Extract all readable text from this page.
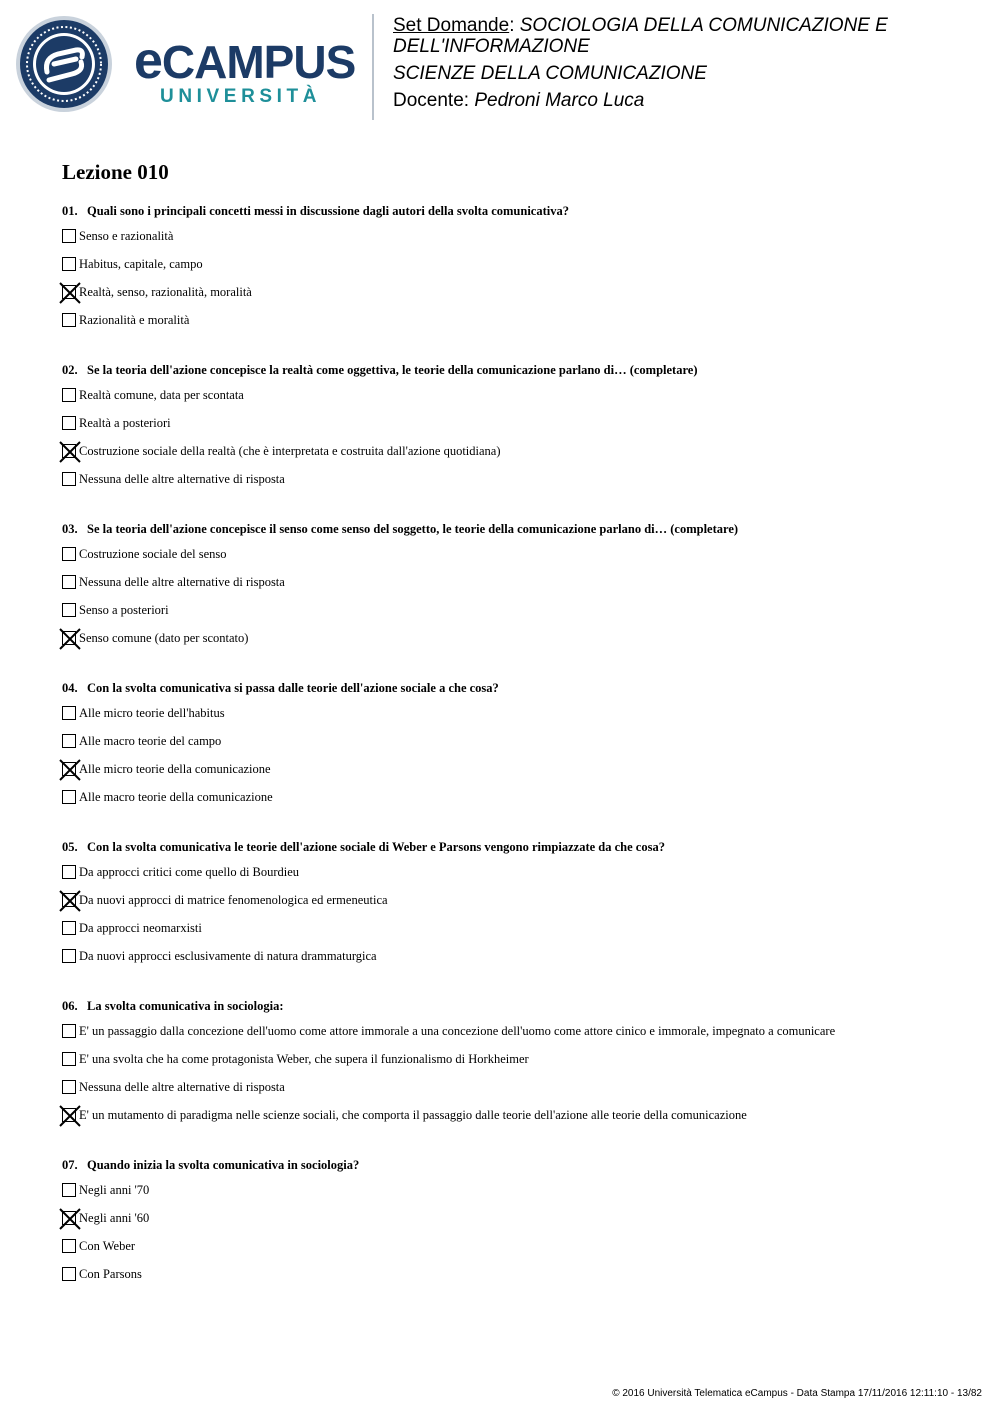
eCAMPUS
UNIVERSITÀ

Set Domande: SOCIOLOGIA DELLA COMUNICAZIONE E

DELL'INFORMAZIONE

SCIENZE DELLA COMUNICAZIONE

Docente: Pedroni Marco Luca

Lezione 010

01. Quali sono i principali concetti messi in discussione dagli autori della svolta comunicativa?

Senso e razionalità
Habitus, capitale, campo
Realtà, senso, razionalità, moralità
Razionalità e moralità

02. Se la teoria dell'azione concepisce la realtà come oggettiva, le teorie della comunicazione parlano di… (completare)

Realtà comune, data per scontata
Realtà a posteriori
Costruzione sociale della realtà (che è interpretata e costruita dall'azione quotidiana)
Nessuna delle altre alternative di risposta

03. Se la teoria dell'azione concepisce il senso come senso del soggetto, le teorie della comunicazione parlano di… (completare)

Costruzione sociale del senso
Nessuna delle altre alternative di risposta
Senso a posteriori
Senso comune (dato per scontato)

04. Con la svolta comunicativa si passa dalle teorie dell'azione sociale a che cosa?

Alle micro teorie dell'habitus
Alle macro teorie del campo
Alle micro teorie della comunicazione
Alle macro teorie della comunicazione

05. Con la svolta comunicativa le teorie dell'azione sociale di Weber e Parsons vengono rimpiazzate da che cosa?

Da approcci critici come quello di Bourdieu
Da nuovi approcci di matrice fenomenologica ed ermeneutica
Da approcci neomarxisti
Da nuovi approcci esclusivamente di natura drammaturgica

06. La svolta comunicativa in sociologia:

E' un passaggio dalla concezione dell'uomo come attore immorale a una concezione dell'uomo come attore cinico e immorale, impegnato a comunicare
E' una svolta che ha come protagonista Weber, che supera il funzionalismo di Horkheimer
Nessuna delle altre alternative di risposta
E' un mutamento di paradigma nelle scienze sociali, che comporta il passaggio dalle teorie dell'azione alle teorie della comunicazione

07. Quando inizia la svolta comunicativa in sociologia?

Negli anni '70
Negli anni '60
Con Weber
Con Parsons
© 2016 Università Telematica eCampus - Data Stampa 17/11/2016 12:11:10 - 13/82
